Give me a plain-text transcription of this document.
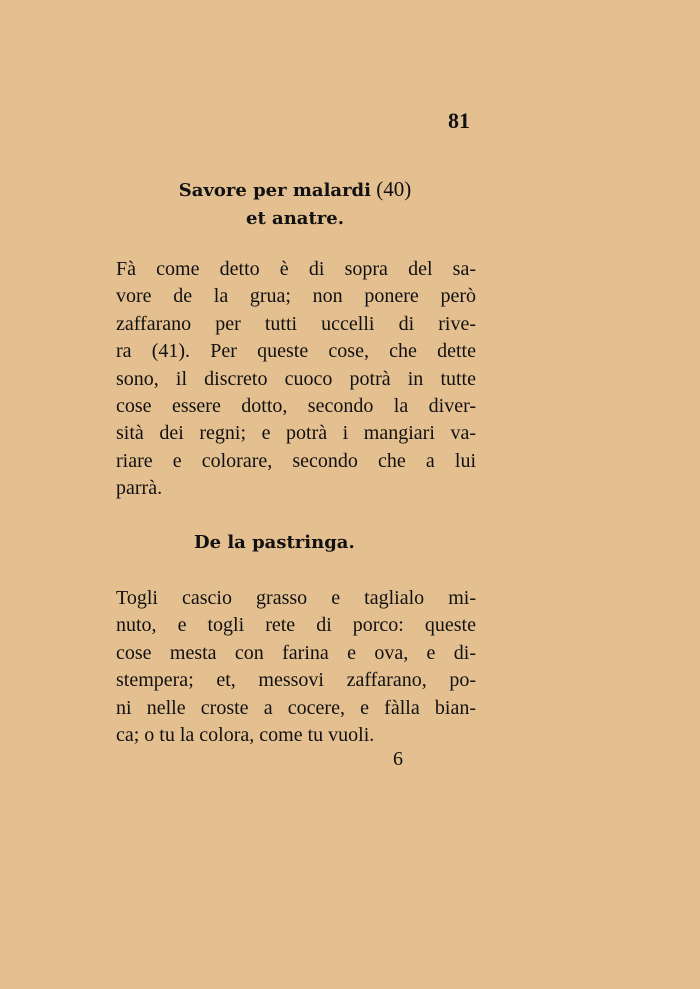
81
Savore per malardi (40)
et anatre.
Fà come detto è di sopra del sa-
vore de la grua; non ponere però
zaffarano per tutti uccelli di rive-
ra (41). Per queste cose, che dette
sono, il discreto cuoco potrà in tutte
cose essere dotto, secondo la diver-
sità dei regni; e potrà i mangiari va-
riare e colorare, secondo che a lui
parrà.
De la pastringa.
Togli cascio grasso e taglialo mi-
nuto, e togli rete di porco: queste
cose mesta con farina e ova, e di-
stempera; et, messovi zaffarano, po-
ni nelle croste a cocere, e fàlla bian-
ca; o tu la colora, come tu vuoli.
6
